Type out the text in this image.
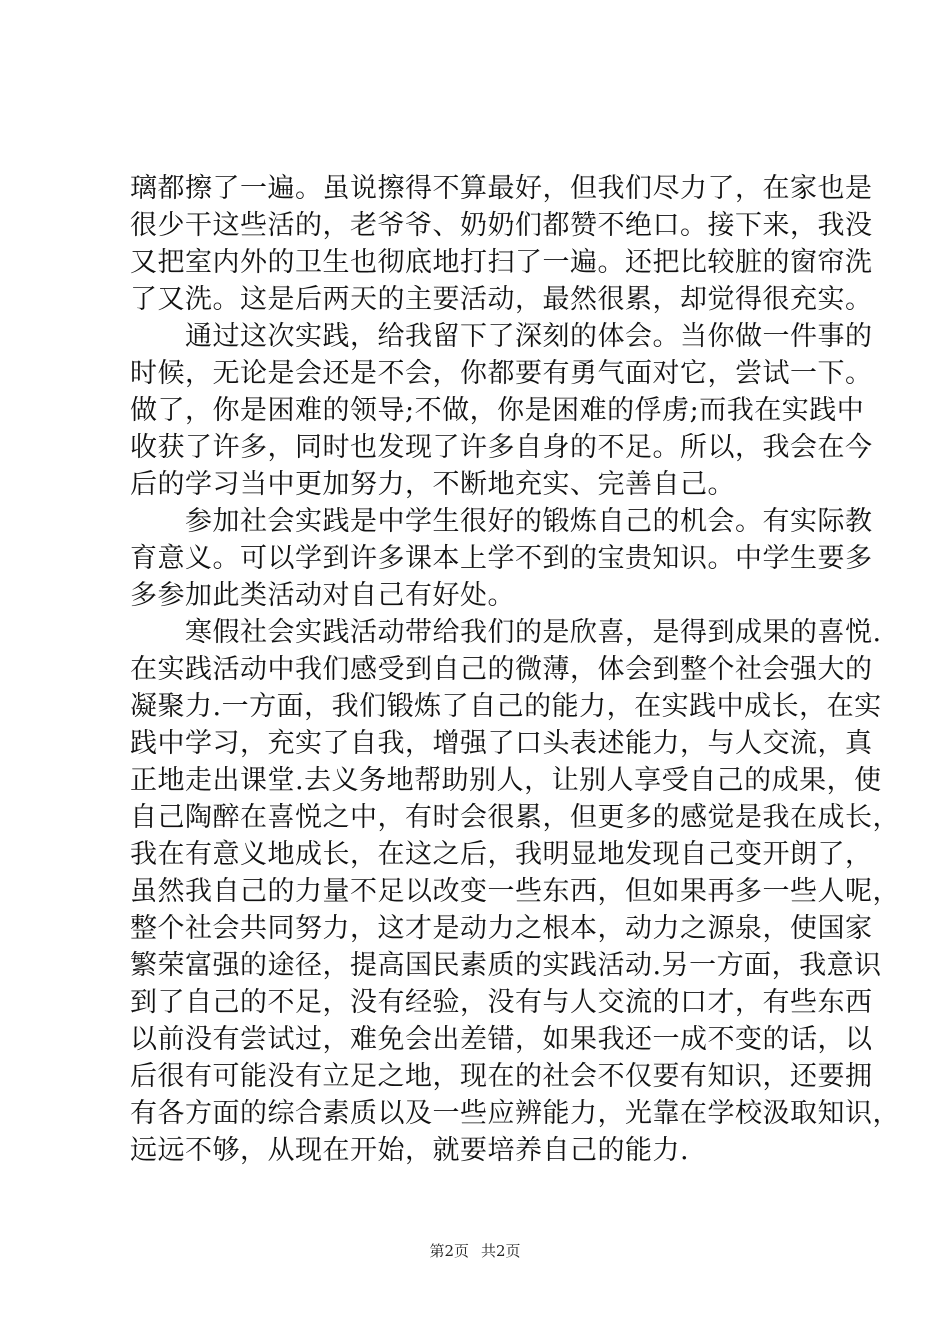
璃都擦了一遍。虽说擦得不算最好，但我们尽力了，在家也是
很少干这些活的，老爷爷、奶奶们都赞不绝口。接下来，我没
又把室内外的卫生也彻底地打扫了一遍。还把比较脏的窗帘洗
了又洗。这是后两天的主要活动，最然很累，却觉得很充实。
　　通过这次实践，给我留下了深刻的体会。当你做一件事的
时候，无论是会还是不会，你都要有勇气面对它，尝试一下。
做了，你是困难的领导;不做，你是困难的俘虏;而我在实践中
收获了许多，同时也发现了许多自身的不足。所以，我会在今
后的学习当中更加努力，不断地充实、完善自己。
　　参加社会实践是中学生很好的锻炼自己的机会。有实际教
育意义。可以学到许多课本上学不到的宝贵知识。中学生要多
多参加此类活动对自己有好处。
　　寒假社会实践活动带给我们的是欣喜，是得到成果的喜悦.
在实践活动中我们感受到自己的微薄，体会到整个社会强大的
凝聚力.一方面，我们锻炼了自己的能力，在实践中成长，在实
践中学习，充实了自我，增强了口头表述能力，与人交流，真
正地走出课堂.去义务地帮助别人，让别人享受自己的成果，使
自己陶醉在喜悦之中，有时会很累，但更多的感觉是我在成长，
我在有意义地成长，在这之后，我明显地发现自己变开朗了，
虽然我自己的力量不足以改变一些东西，但如果再多一些人呢，
整个社会共同努力，这才是动力之根本，动力之源泉，使国家
繁荣富强的途径，提高国民素质的实践活动.另一方面，我意识
到了自己的不足，没有经验，没有与人交流的口才，有些东西
以前没有尝试过，难免会出差错，如果我还一成不变的话，以
后很有可能没有立足之地，现在的社会不仅要有知识，还要拥
有各方面的综合素质以及一些应辨能力，光靠在学校汲取知识，
远远不够，从现在开始，就要培养自己的能力.
第2页 共2页
